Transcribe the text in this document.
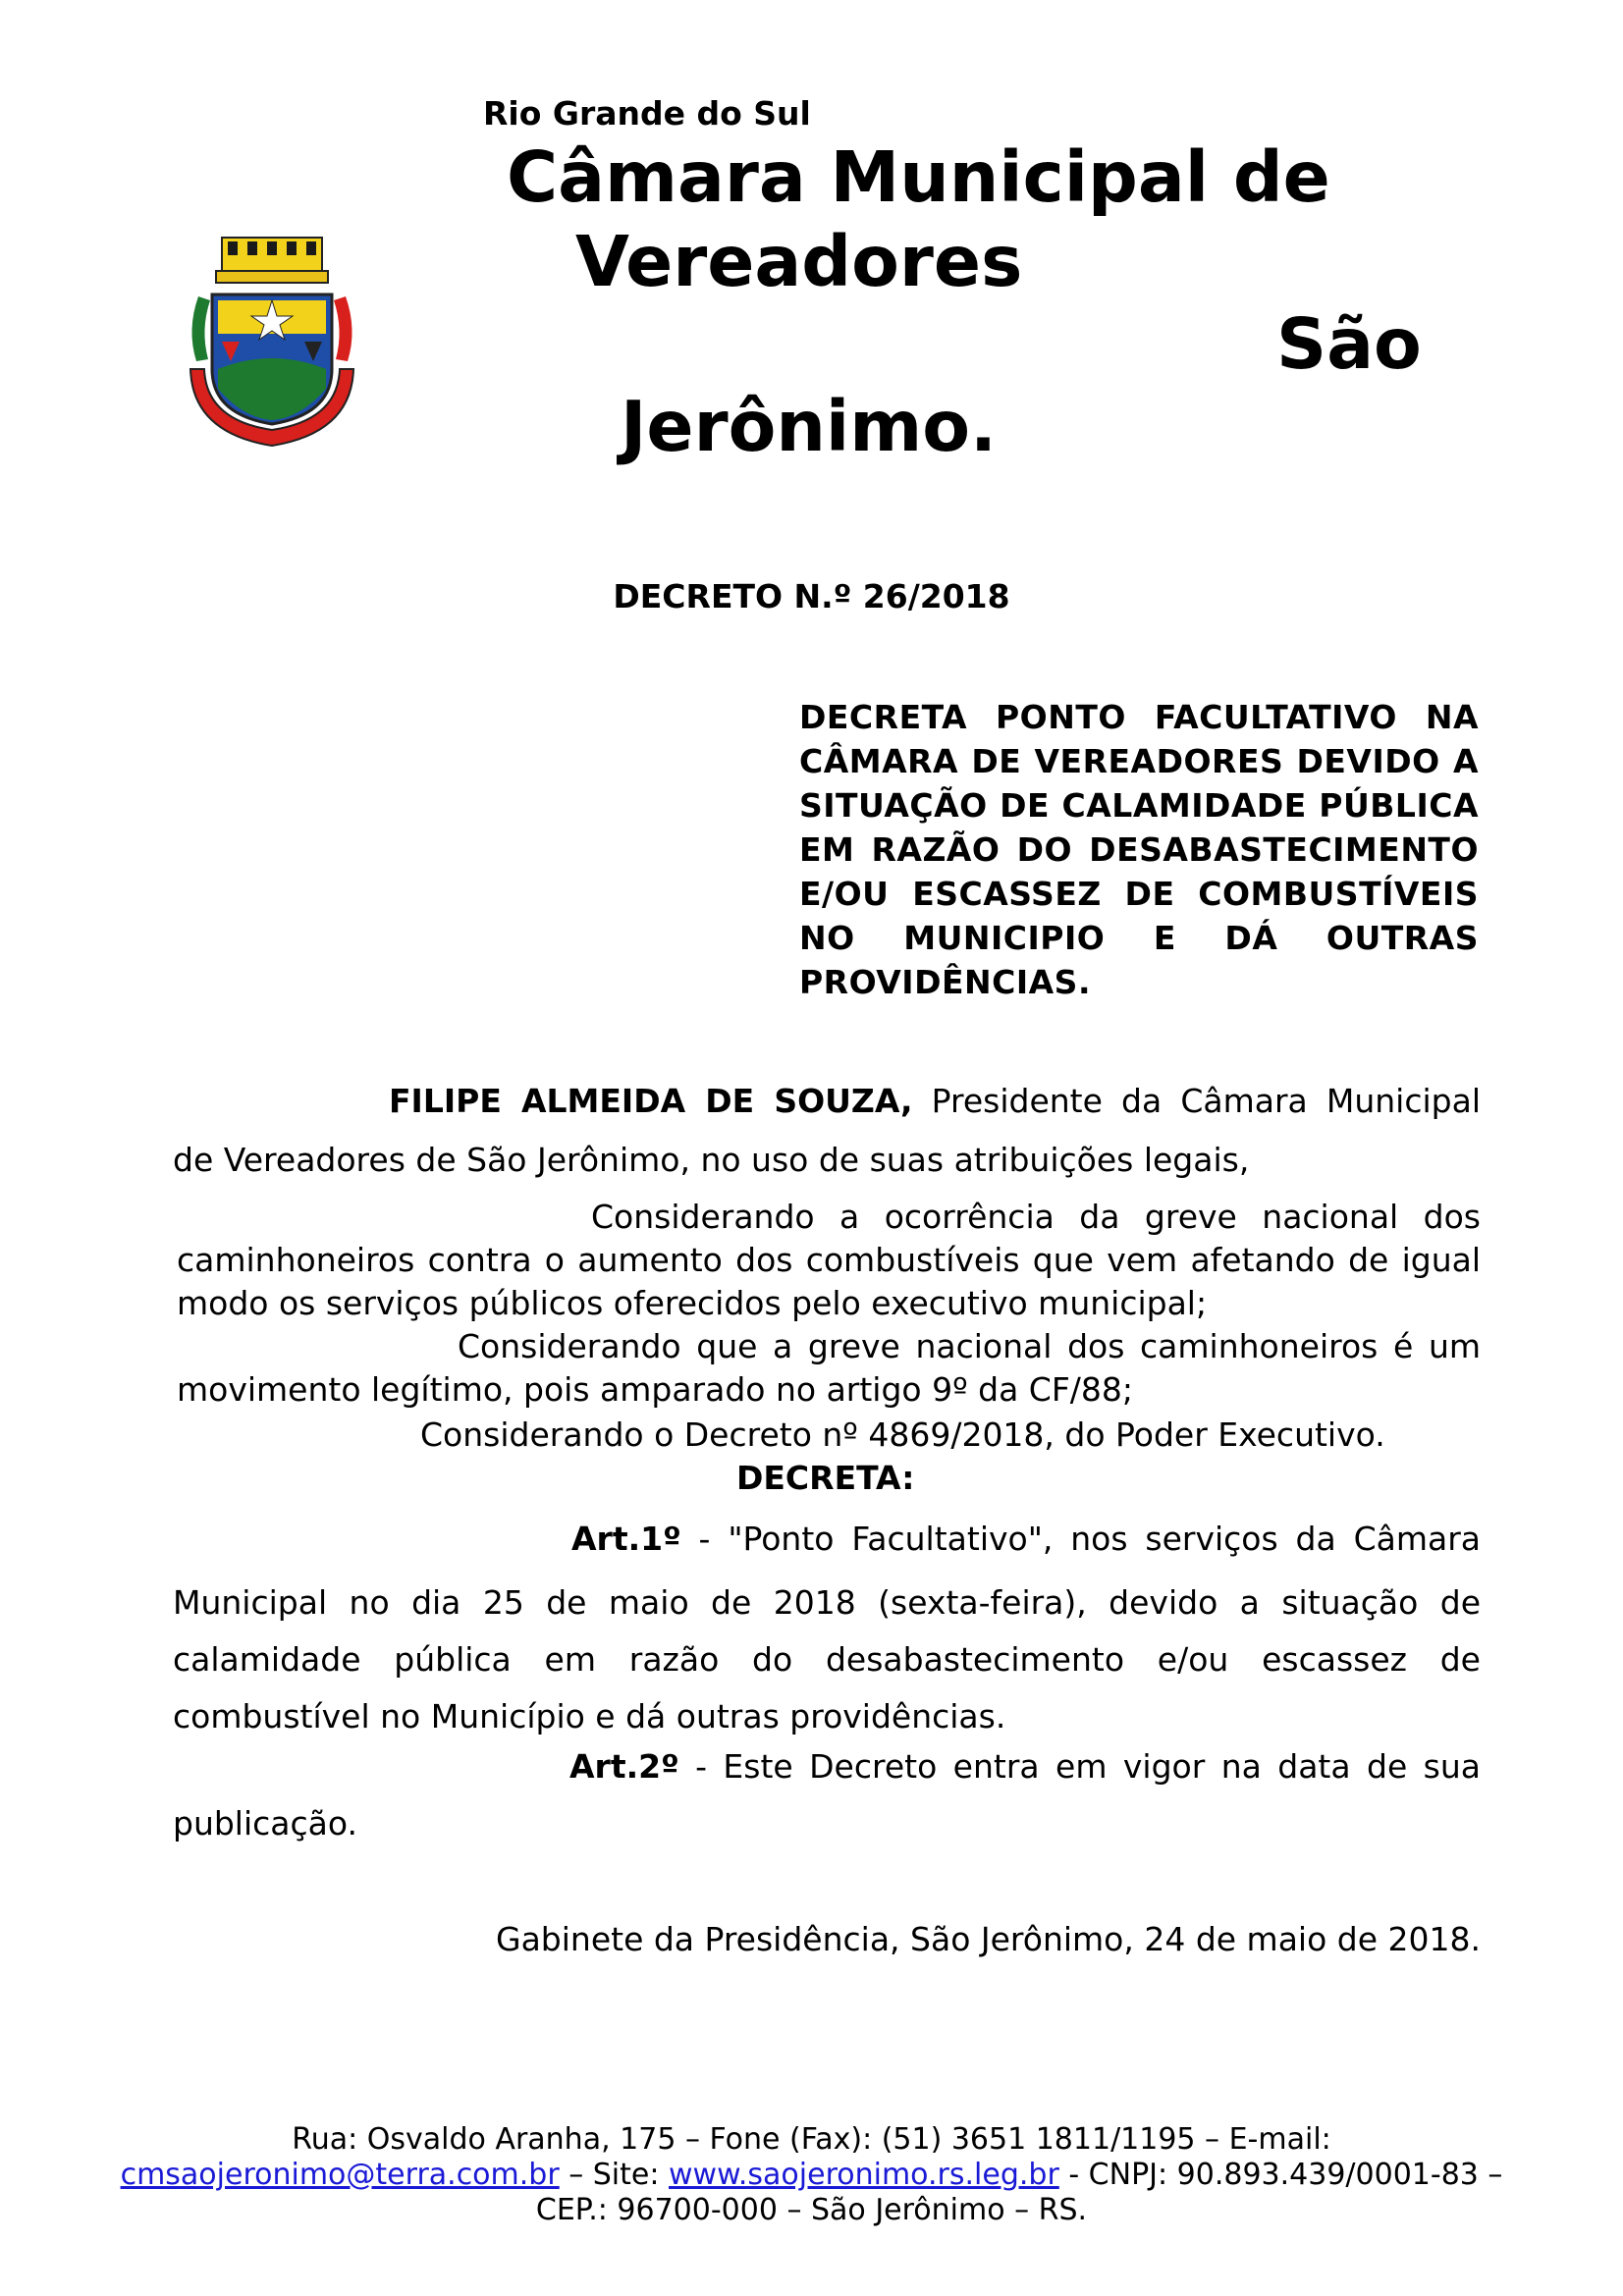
Rio Grande do Sul
Câmara Municipal de
Vereadores
São
Jerônimo.
DECRETO N.º 26/2018
DECRETA PONTO FACULTATIVO NA CÂMARA DE VEREADORES DEVIDO A SITUAÇÃO DE CALAMIDADE PÚBLICA EM RAZÃO DO DESABASTECIMENTO E/OU ESCASSEZ DE COMBUSTÍVEIS NO MUNICIPIO E DÁ OUTRAS PROVIDÊNCIAS.
FILIPE ALMEIDA DE SOUZA, Presidente da Câmara Municipal
de Vereadores de São Jerônimo, no uso de suas atribuições legais,
Considerando a ocorrência da greve nacional dos
caminhoneiros contra o aumento dos combustíveis que vem afetando de igual modo os serviços públicos oferecidos pelo executivo municipal;
Considerando que a greve nacional dos caminhoneiros é um
movimento legítimo, pois amparado no artigo 9º da CF/88;
Considerando o Decreto nº 4869/2018, do Poder Executivo.
DECRETA:
Art.1º - "Ponto Facultativo", nos serviços da Câmara
Municipal no dia 25 de maio de 2018 (sexta-feira), devido a situação de calamidade pública em razão do desabastecimento e/ou escassez de combustível no Município e dá outras providências.
Art.2º - Este Decreto entra em vigor na data de sua
publicação.
Gabinete da Presidência, São Jerônimo, 24 de maio de 2018.
Rua: Osvaldo Aranha, 175 – Fone (Fax): (51) 3651 1811/1195 – E-mail:
cmsaojeronimo@terra.com.br – Site: www.saojeronimo.rs.leg.br - CNPJ: 90.893.439/0001-83 –
CEP.: 96700-000 – São Jerônimo – RS.
